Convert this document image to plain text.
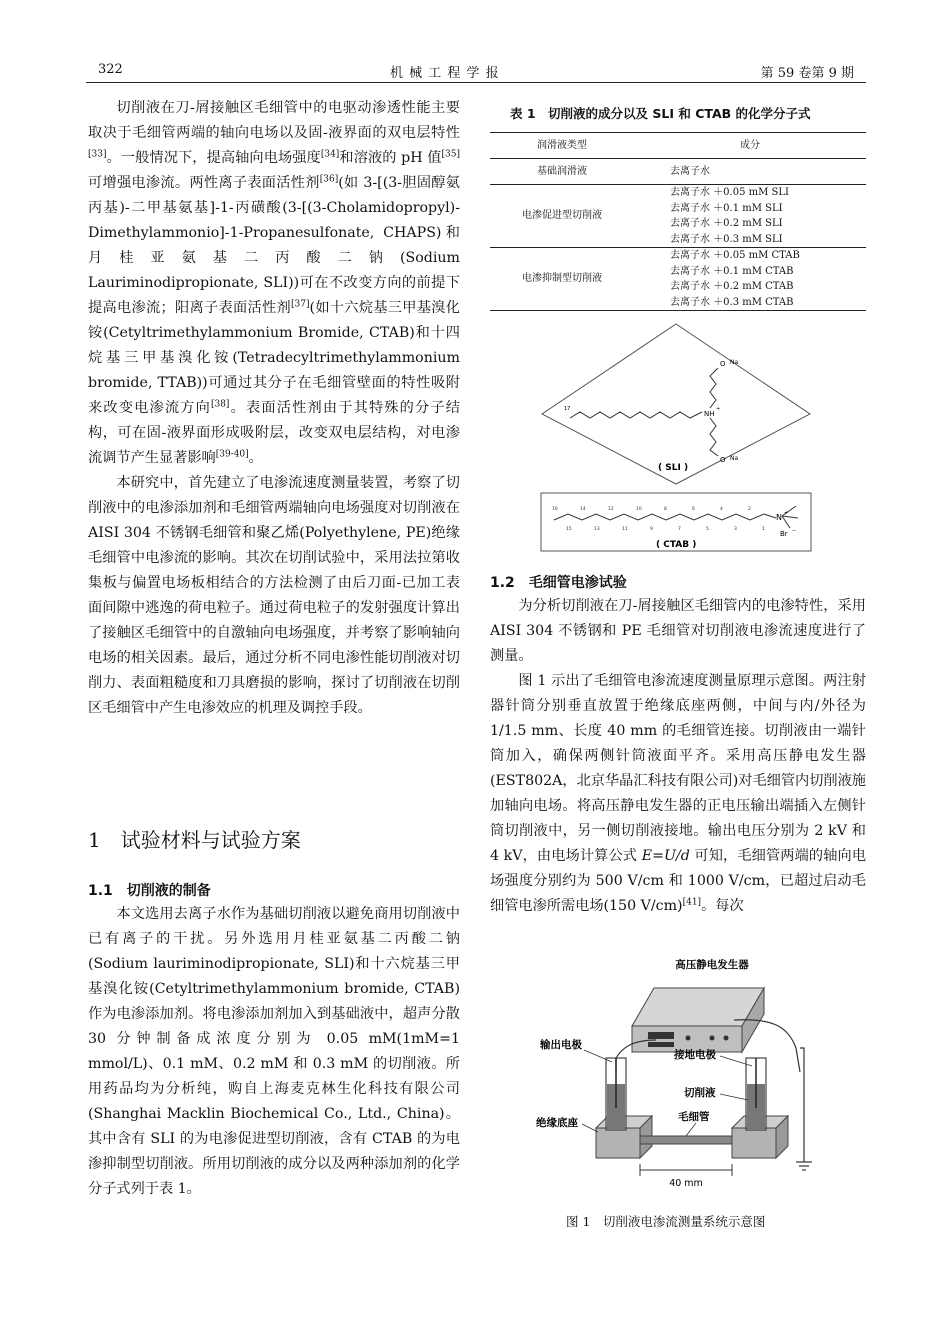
322	机 械 工 程 学 报	第 59 卷第 9 期

切削液在刀-屑接触区毛细管中的电驱动渗透性能主要取决于毛细管两端的轴向电场以及固-液界面的双电层特性[33]。一般情况下，提高轴向电场强度[34]和溶液的 pH 值[35]可增强电渗流。两性离子表面活性剂[36](如 3-[(3-胆固醇氨丙基)-二甲基氨基]-1-丙磺酸(3-[(3-Cholamidopropyl)- Dimethylammonio]-1-Propanesulfonate, CHAPS)和月桂亚氨基二丙酸二钠(Sodium Lauriminodipropionate, SLI))可在不改变方向的前提下提高电渗流；阳离子表面活性剂[37](如十六烷基三甲基溴化铵(Cetyltrimethylammonium Bromide, CTAB)和十四烷基三甲基溴化铵(Tetradecyltrimethylammonium bromide, TTAB))可通过其分子在毛细管壁面的特性吸附来改变电渗流方向[38]。表面活性剂由于其特殊的分子结构，可在固-液界面形成吸附层，改变双电层结构，对电渗流调节产生显著影响[39-40]。

本研究中，首先建立了电渗流速度测量装置，考察了切削液中的电渗添加剂和毛细管两端轴向电场强度对切削液在 AISI 304 不锈钢毛细管和聚乙烯(Polyethylene, PE)绝缘毛细管中电渗流的影响。其次在切削试验中，采用法拉第收集板与偏置电场板相结合的方法检测了由后刀面-已加工表面间隙中逃逸的荷电粒子。通过荷电粒子的发射强度计算出了接触区毛细管中的自激轴向电场强度，并考察了影响轴向电场的相关因素。最后，通过分析不同电渗性能切削液对切削力、表面粗糙度和刀具磨损的影响，探讨了切削液在切削区毛细管中产生电渗效应的机理及调控手段。

1　试验材料与试验方案
1.1　切削液的制备

本文选用去离子水作为基础切削液以避免商用切削液中已有离子的干扰。另外选用月桂亚氨基二丙酸二钠(Sodium lauriminodipropionate, SLI)和十六烷基三甲基溴化铵(Cetyltrimethylammonium bromide, CTAB)作为电渗添加剂。将电渗添加剂加入到基础液中，超声分散 30 分钟制备成浓度分别为 0.05 mM(1mM=1 mmol/L)、0.1 mM、0.2 mM 和 0.3 mM 的切削液。所用药品均为分析纯，购自上海麦克林生化科技有限公司(Shanghai Macklin Biochemical Co., Ltd., China)。其中含有 SLI 的为电渗促进型切削液，含有 CTAB 的为电渗抑制型切削液。所用切削液的成分以及两种添加剂的化学分子式列于表 1。

表 1　切削液的成分以及 SLI 和 CTAB 的化学分子式
润滑液类型	成分
基础润滑液	去离子水
电渗促进型切削液	去离子水 ＋0.05 mM SLI
	去离子水 ＋0.1 mM SLI
	去离子水 ＋0.2 mM SLI
	去离子水 ＋0.3 mM SLI
电渗抑制型切削液	去离子水 ＋0.05 mM CTAB
	去离子水 ＋0.1 mM CTAB
	去离子水 ＋0.2 mM CTAB
	去离子水 ＋0.3 mM CTAB
NH
+
O Na
O Na
17
( SLI )
N +
Br −
16
15
14
13
12
11
10
9
8
7
6
5
4
3
2
1
( CTAB )
1.2　毛细管电渗试验

为分析切削液在刀-屑接触区毛细管内的电渗特性，采用 AISI 304 不锈钢和 PE 毛细管对切削液电渗流速度进行了测量。

图 1 示出了毛细管电渗流速度测量原理示意图。两注射器针筒分别垂直放置于绝缘底座两侧，中间与内/外径为 1/1.5 mm、长度 40 mm 的毛细管连接。切削液由一端针筒加入，确保两侧针筒液面平齐。采用高压静电发生器(EST802A，北京华晶汇科技有限公司)对毛细管内切削液施加轴向电场。将高压静电发生器的正电压输出端插入左侧针筒切削液中，另一侧切削液接地。输出电压分别为 2 kV 和 4 kV，由电场计算公式 E=U/d 可知，毛细管两端的轴向电场强度分别约为 500 V/cm 和 1000 V/cm，已超过启动毛细管电渗所需电场(150 V/cm)[41]。每次

高压静电发生器
40 mm
输出电极
接地电极
切削液
绝缘底座	毛细管
图 1　切削液电渗流测量系统示意图
